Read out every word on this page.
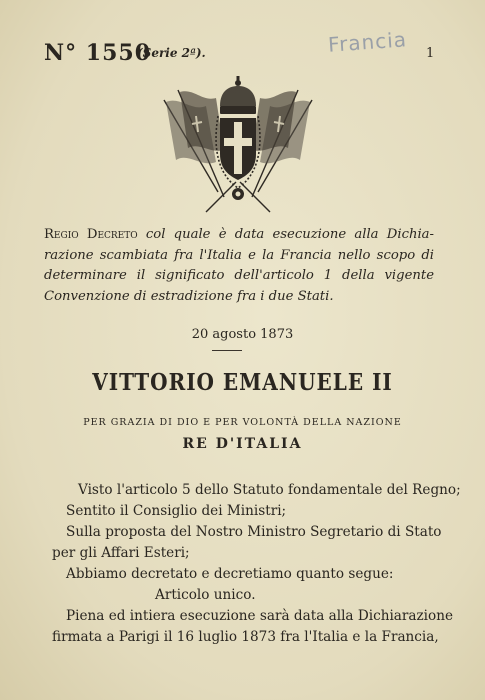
N° 1550
(Serie 2ª).	Francia 1
Regio Decreto col quale è data esecuzione alla Dichia- razione scambiata fra l'Italia e la Francia nello scopo di determinare il significato dell'articolo 1 della vigente Convenzione di estradizione fra i due Stati.
20 agosto 1873
VITTORIO EMANUELE II
PER GRAZIA DI DIO E PER VOLONTÀ DELLA NAZIONE
RE D'ITALIA
Visto l'articolo 5 dello Statuto fondamentale del Regno;
Sentito il Consiglio dei Ministri;
Sulla proposta del Nostro Ministro Segretario di Stato
per gli Affari Esteri;
Abbiamo decretato e decretiamo quanto segue:
Articolo unico.
Piena ed intiera esecuzione sarà data alla Dichiarazione
firmata a Parigi il 16 luglio 1873 fra l'Italia e la Francia,
